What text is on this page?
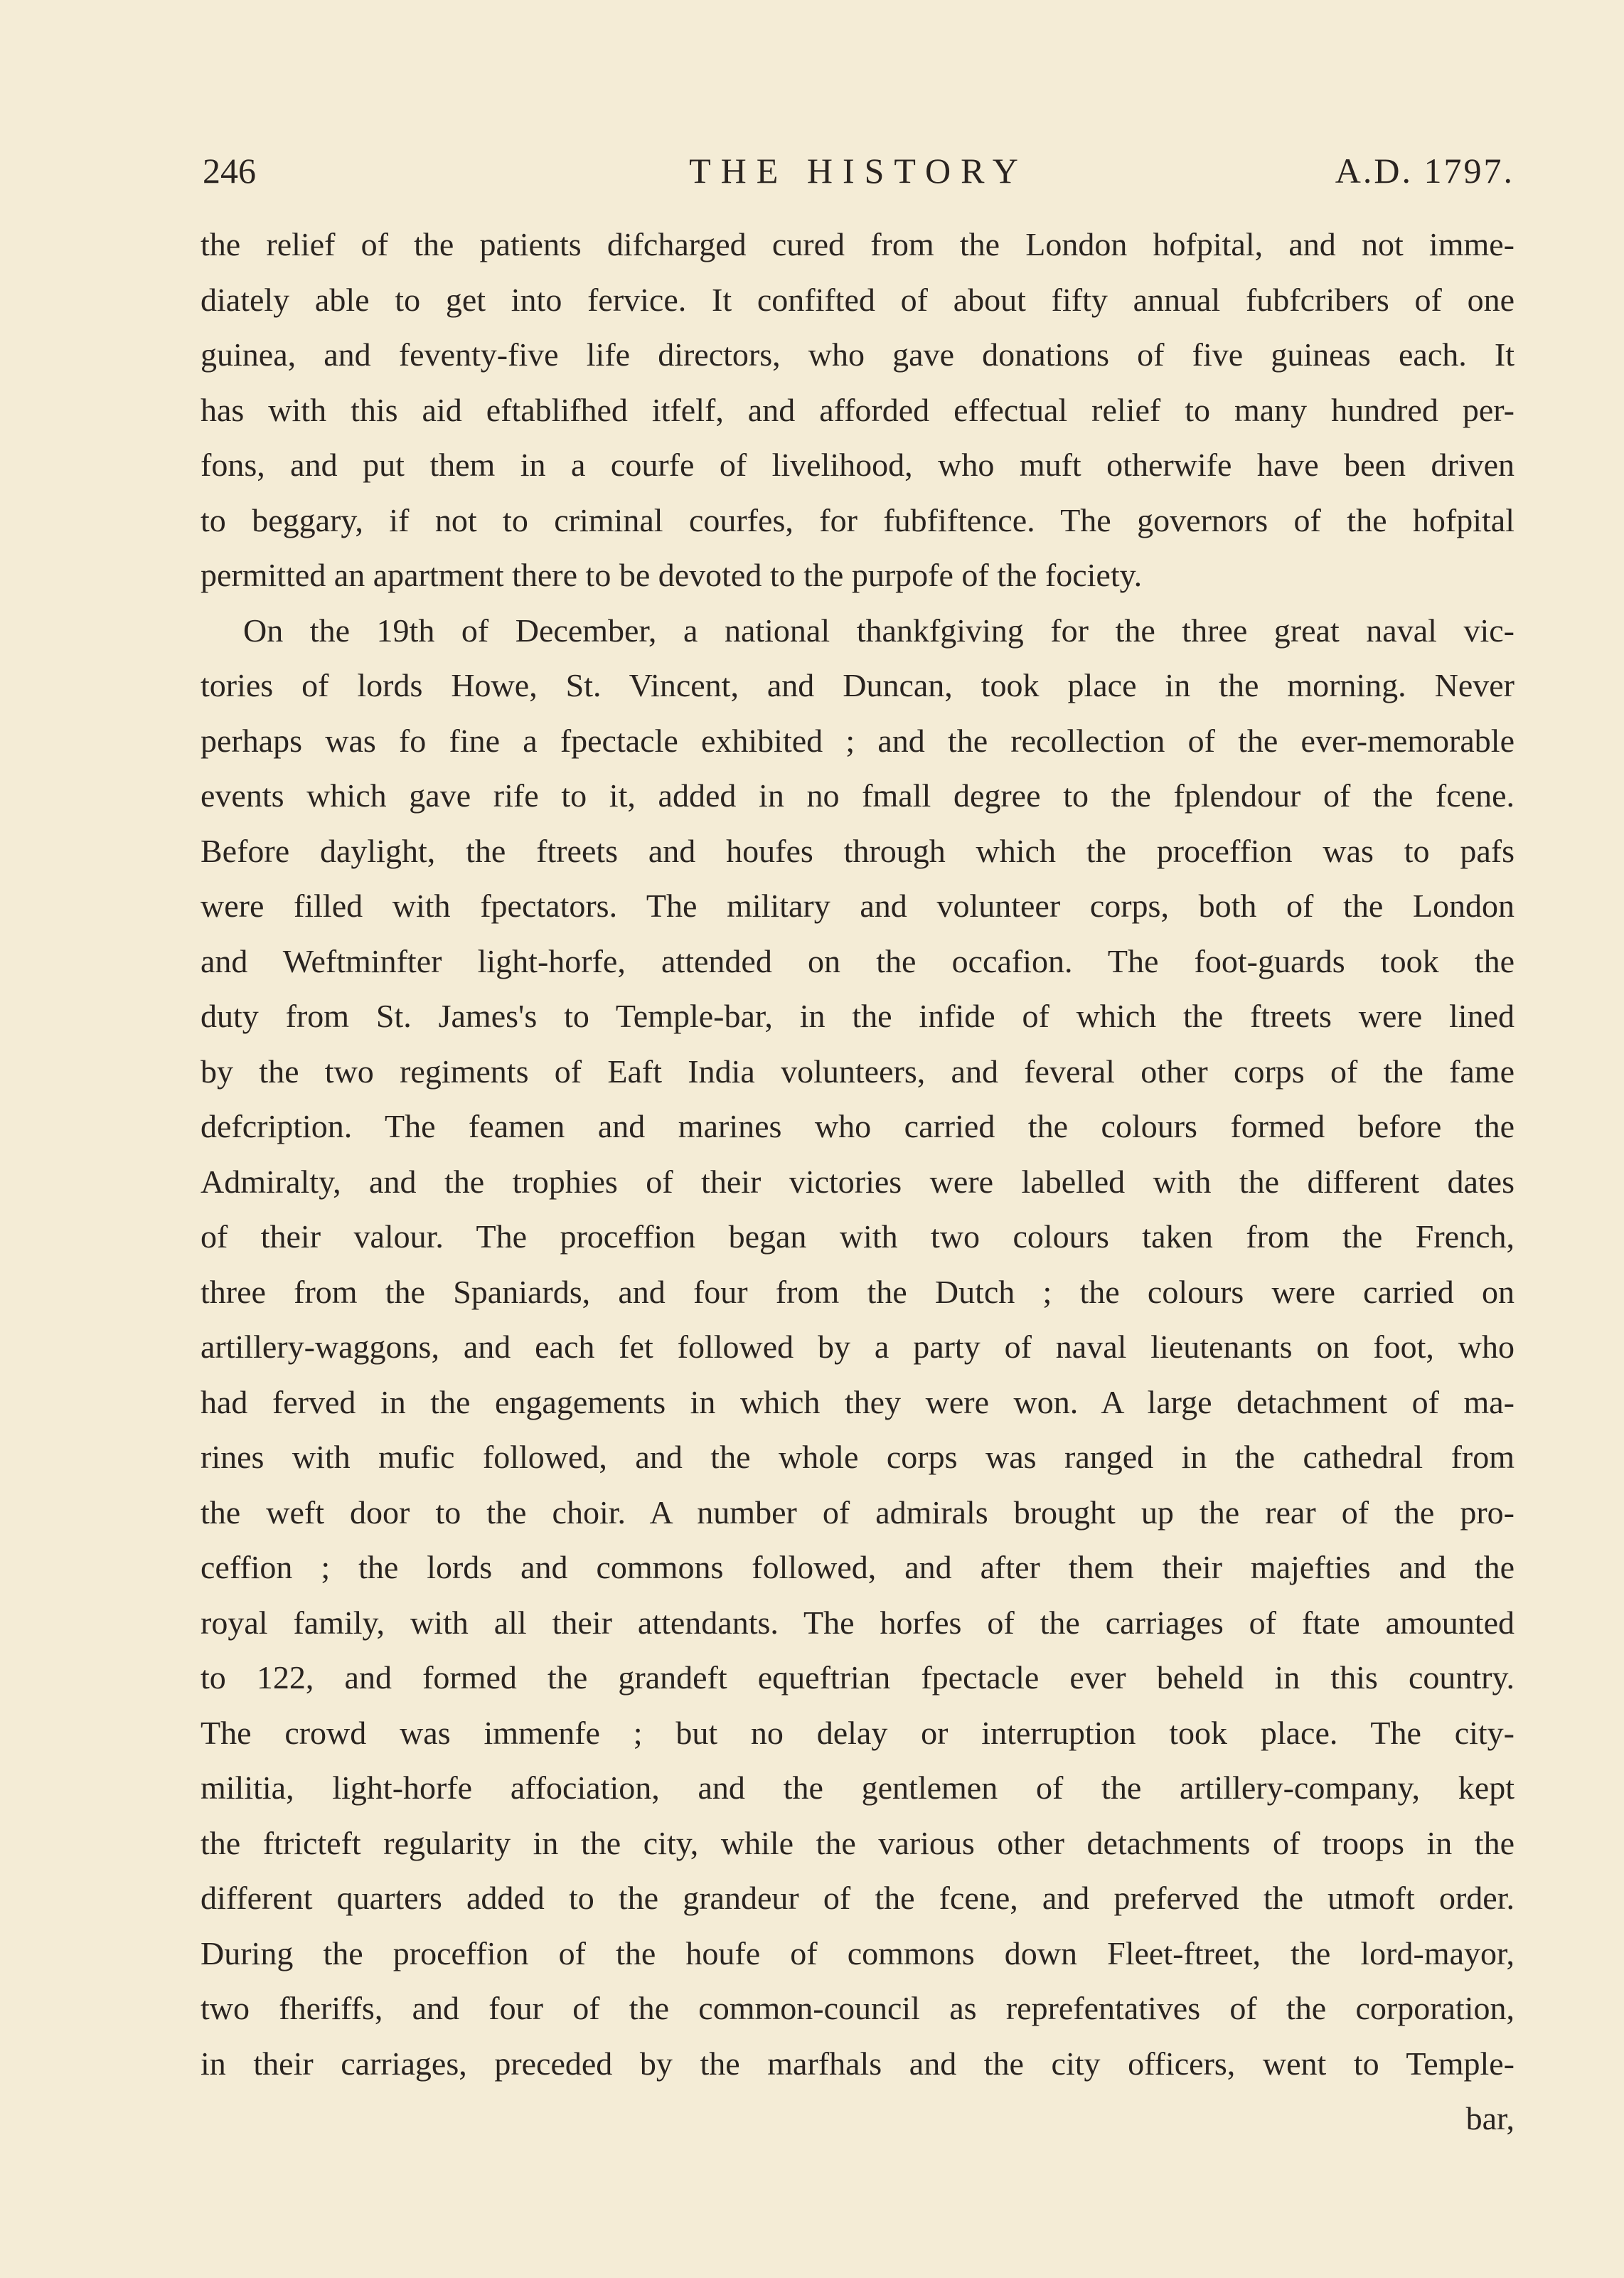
246	THE HISTORY	A.D. 1797.
the relief of the patients difcharged cured from the London hofpital, and not imme-
diately able to get into fervice. It confifted of about fifty annual fubfcribers of one
guinea, and feventy-five life directors, who gave donations of five guineas each. It
has with this aid eftablifhed itfelf, and afforded effectual relief to many hundred per-
fons, and put them in a courfe of livelihood, who muft otherwife have been driven
to beggary, if not to criminal courfes, for fubfiftence. The governors of the hofpital
permitted an apartment there to be devoted to the purpofe of the fociety.
On the 19th of December, a national thankfgiving for the three great naval vic-
tories of lords Howe, St. Vincent, and Duncan, took place in the morning. Never
perhaps was fo fine a fpectacle exhibited ; and the recollection of the ever-memorable
events which gave rife to it, added in no fmall degree to the fplendour of the fcene.
Before daylight, the ftreets and houfes through which the proceffion was to pafs
were filled with fpectators. The military and volunteer corps, both of the London
and Weftminfter light-horfe, attended on the occafion. The foot-guards took the
duty from St. James's to Temple-bar, in the infide of which the ftreets were lined
by the two regiments of Eaft India volunteers, and feveral other corps of the fame
defcription. The feamen and marines who carried the colours formed before the
Admiralty, and the trophies of their victories were labelled with the different dates
of their valour. The proceffion began with two colours taken from the French,
three from the Spaniards, and four from the Dutch ; the colours were carried on
artillery-waggons, and each fet followed by a party of naval lieutenants on foot, who
had ferved in the engagements in which they were won. A large detachment of ma-
rines with mufic followed, and the whole corps was ranged in the cathedral from
the weft door to the choir. A number of admirals brought up the rear of the pro-
ceffion ; the lords and commons followed, and after them their majefties and the
royal family, with all their attendants. The horfes of the carriages of ftate amounted
to 122, and formed the grandeft equeftrian fpectacle ever beheld in this country.
The crowd was immenfe ; but no delay or interruption took place. The city-
militia, light-horfe affociation, and the gentlemen of the artillery-company, kept
the ftricteft regularity in the city, while the various other detachments of troops in the
different quarters added to the grandeur of the fcene, and preferved the utmoft order.
During the proceffion of the houfe of commons down Fleet-ftreet, the lord-mayor,
two fheriffs, and four of the common-council as reprefentatives of the corporation,
in their carriages, preceded by the marfhals and the city officers, went to Temple-
bar,
